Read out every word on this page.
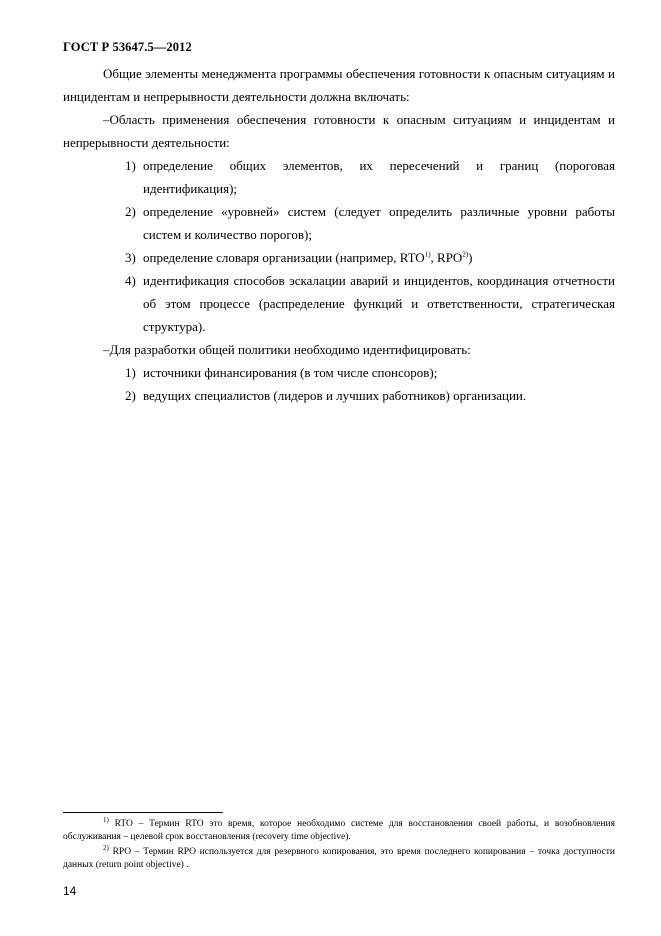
ГОСТ Р 53647.5—2012

Общие элементы менеджмента программы обеспечения готовности к опасным ситуациям и инцидентам и непрерывности деятельности должна включать:

–Область применения обеспечения готовности к опасным ситуациям и инцидентам и непрерывности деятельности:

1) определение общих элементов, их пересечений и границ (пороговая идентификация);
2) определение «уровней» систем (следует определить различные уровни работы систем и количество порогов);
3) определение словаря организации (например, RTO$^{1)}$, RPO$^{2)}$)
4) идентификация способов эскалации аварий и инцидентов, координация отчетности об этом процессе (распределение функций и ответственности, стратегическая структура).

–Для разработки общей политики необходимо идентифицировать:

1) источники финансирования (в том числе спонсоров);
2) ведущих специалистов (лидеров и лучших работников) организации.

$^{1)}$ RTO – Термин RTO это время, которое необходимо системе для восстановления своей работы, и возобновления обслуживания – целевой срок восстановления (recovery time objective).

$^{2)}$ RPO – Термин RPO используется для резервного копирования, это время последнего копирования – точка доступности данных (return point objective) .

14
